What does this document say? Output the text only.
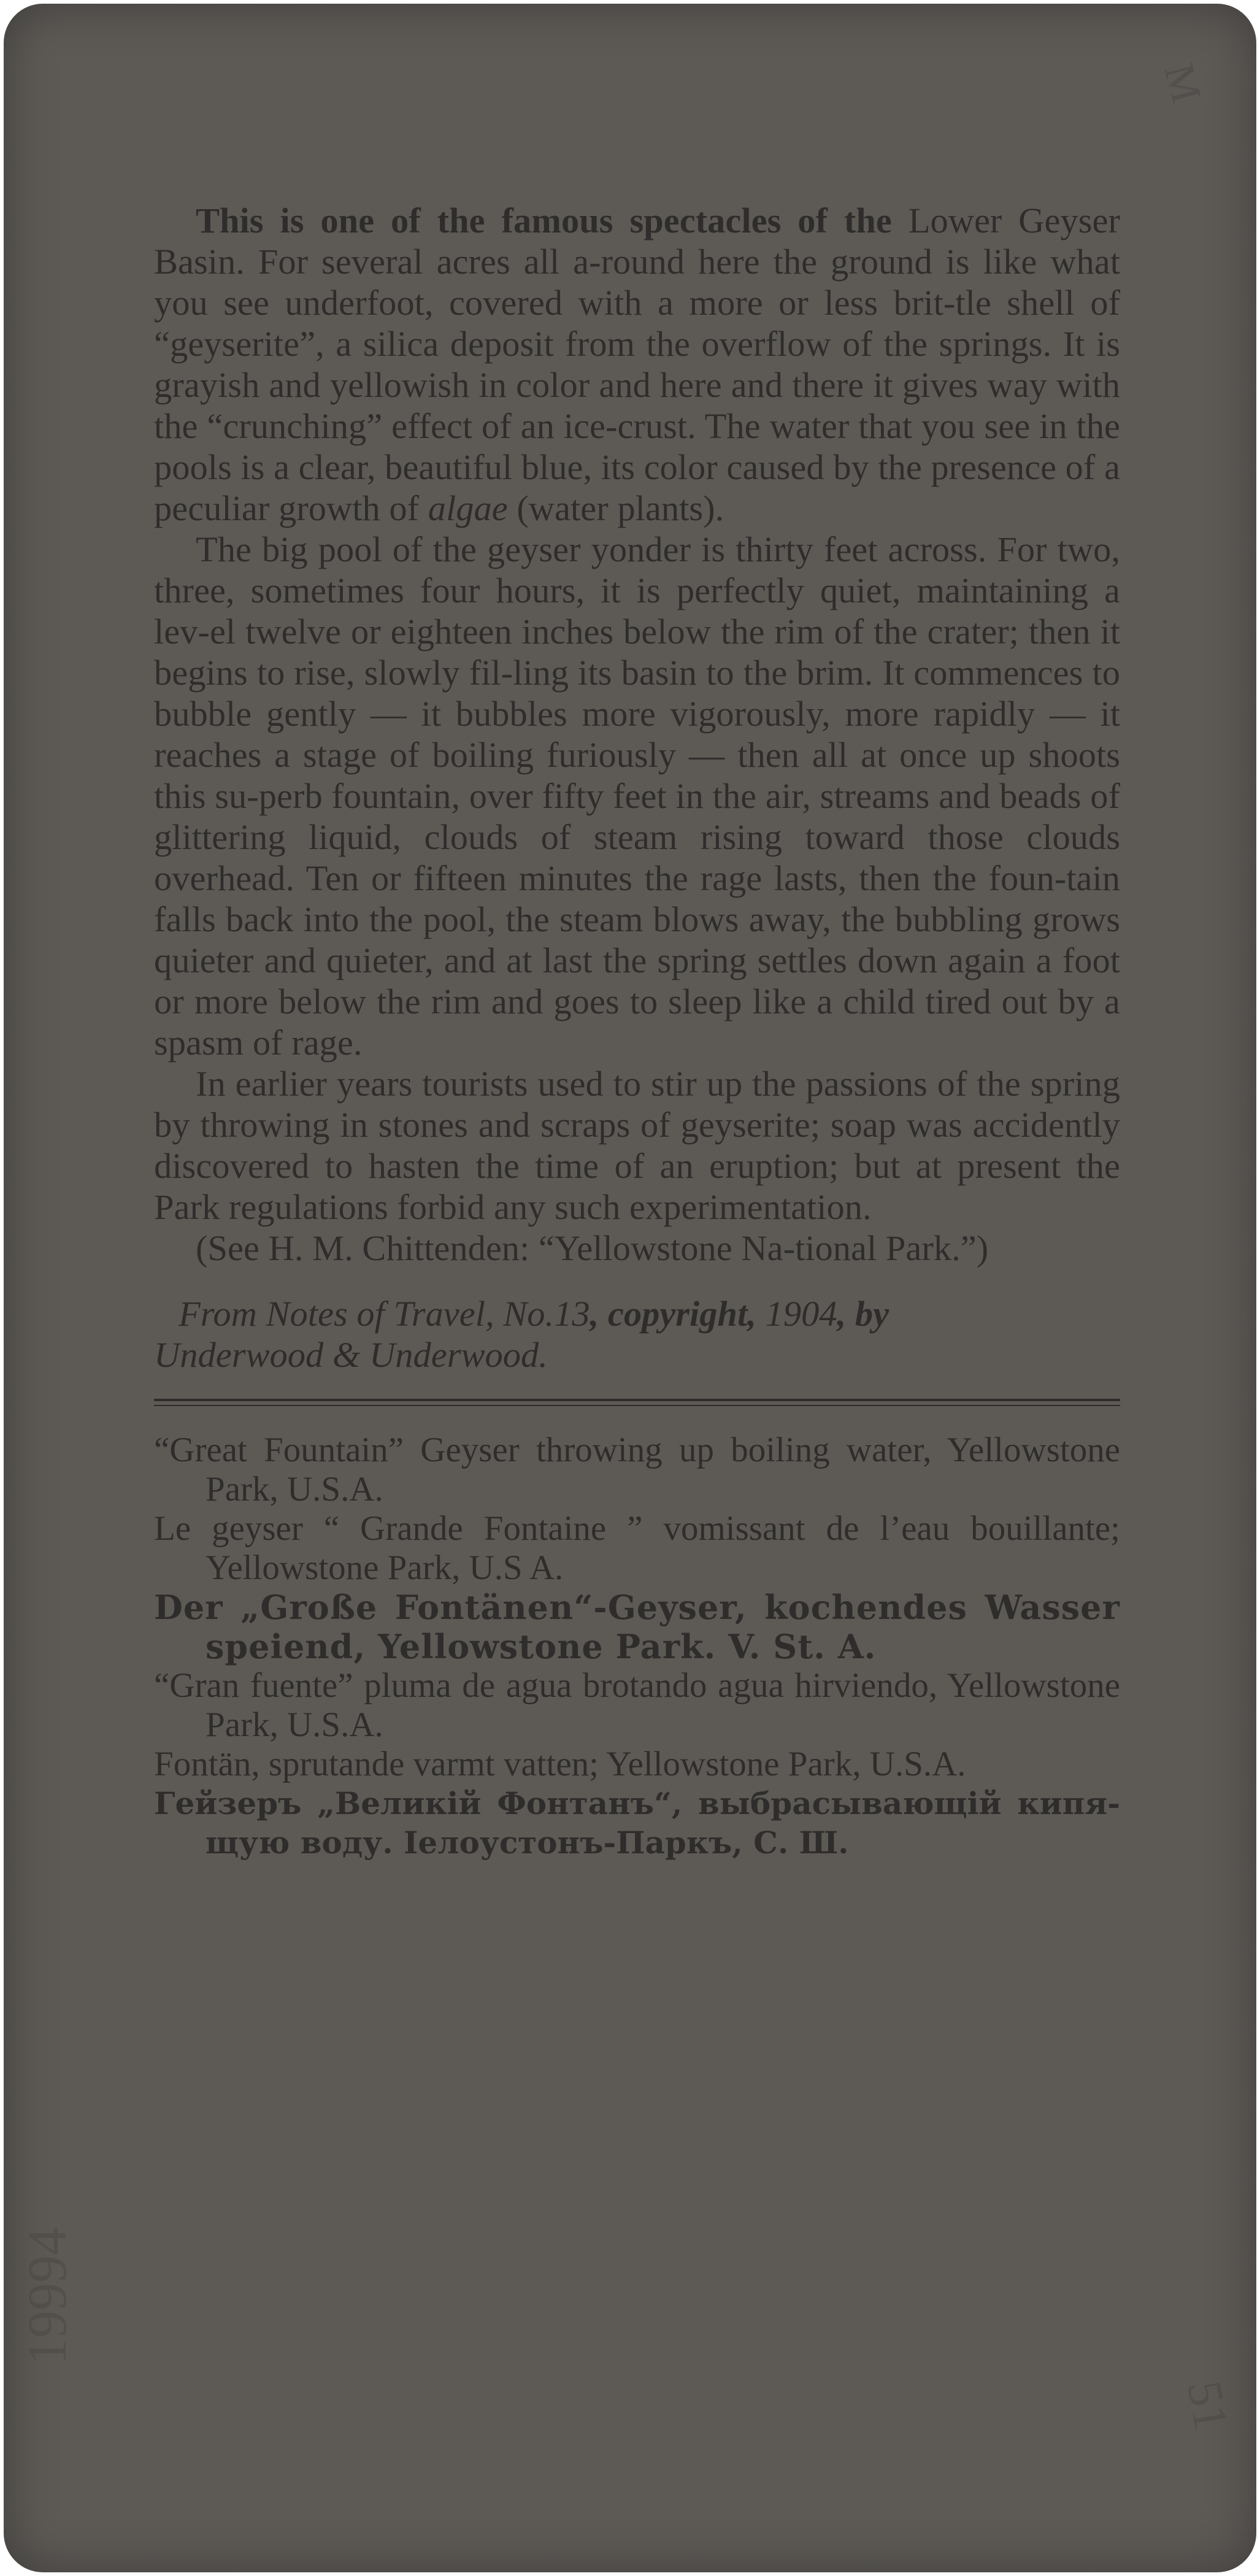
M
19994
51

This is one of the famous spectacles of the Lower Geyser Basin. For several acres all a-round here the ground is like what you see underfoot, covered with a more or less brit-tle shell of “geyserite”, a silica deposit from the overflow of the springs. It is grayish and yellowish in color and here and there it gives way with the “crunching” effect of an ice-crust. The water that you see in the pools is a clear, beautiful blue, its color caused by the presence of a peculiar growth of algae (water plants).

The big pool of the geyser yonder is thirty feet across. For two, three, sometimes four hours, it is perfectly quiet, maintaining a lev-el twelve or eighteen inches below the rim of the crater; then it begins to rise, slowly fil-ling its basin to the brim. It commences to bubble gently — it bubbles more vigorously, more rapidly — it reaches a stage of boiling furiously — then all at once up shoots this su-perb fountain, over fifty feet in the air, streams and beads of glittering liquid, clouds of steam rising toward those clouds overhead. Ten or fifteen minutes the rage lasts, then the foun-tain falls back into the pool, the steam blows away, the bubbling grows quieter and quieter, and at last the spring settles down again a foot or more below the rim and goes to sleep like a child tired out by a spasm of rage.

In earlier years tourists used to stir up the passions of the spring by throwing in stones and scraps of geyserite; soap was accidently discovered to hasten the time of an eruption; but at present the Park regulations forbid any such experimentation.

(See H. M. Chittenden: “Yellowstone Na-tional Park.”)

From Notes of Travel, No.13, copyright, 1904, by
Underwood & Underwood.

“Great Fountain” Geyser throwing up boiling water, Yellowstone Park, U.S.A.

Le geyser “ Grande Fontaine ” vomissant de l’eau bouillante; Yellowstone Park, U.S A.

Der „Große Fontänen“-Geyser, kochendes Wasser speiend, Yellowstone Park. V. St. A.

“Gran fuente” pluma de agua brotando agua hirviendo, Yellowstone Park, U.S.A.

Fontän, sprutande varmt vatten; Yellowstone Park, U.S.A.

Гейзеръ „Великій Фонтанъ“, выбрасывающій кипя-щую воду. Іелоустонъ-Паркъ, С. Ш.
